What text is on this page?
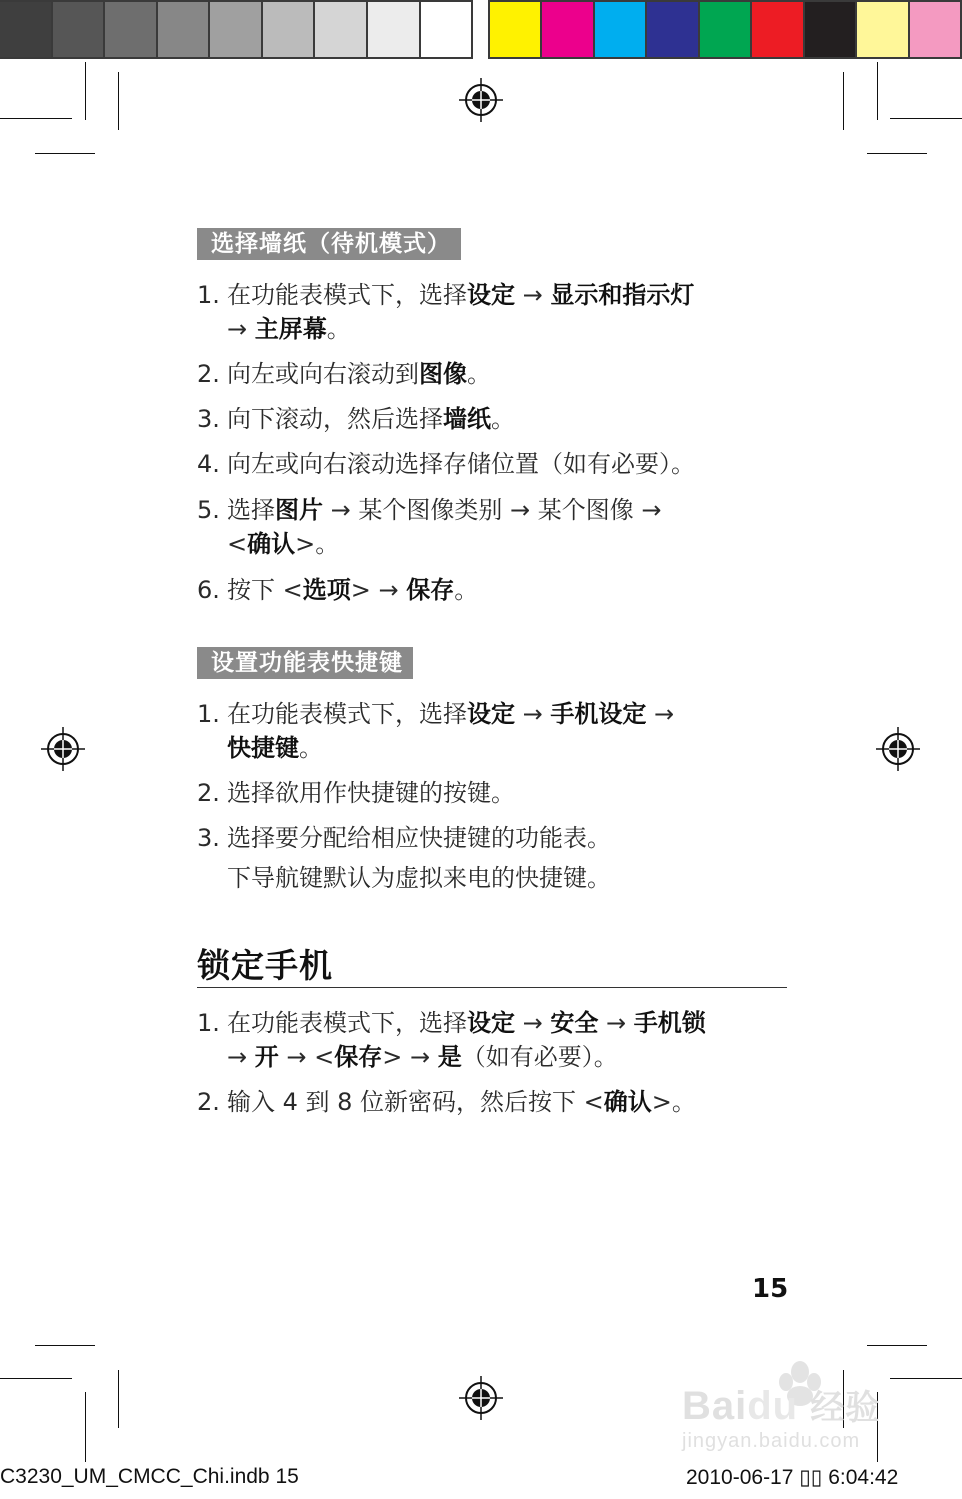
选择墙纸（待机模式）
1. 在功能表模式下，选择设定 → 显示和指示灯
→ 主屏幕。
2. 向左或向右滚动到图像。
3. 向下滚动，然后选择墙纸。
4. 向左或向右滚动选择存储位置（如有必要）。
5. 选择图片 → 某个图像类别 → 某个图像 →
<确认>。
6. 按下 <选项> → 保存。
设置功能表快捷键
1. 在功能表模式下，选择设定 → 手机设定 →
快捷键。
2. 选择欲用作快捷键的按键。
3. 选择要分配给相应快捷键的功能表。
下导航键默认为虚拟来电的快捷键。
锁定手机
1. 在功能表模式下，选择设定 → 安全 → 手机锁
→ 开 → <保存> → 是（如有必要）。
2. 输入 4 到 8 位新密码，然后按下 <确认>。
15
Baidu 经验
jingyan.baidu.com
C3230_UM_CMCC_Chi.indb 15	2010-06-17 ▯▯ 6:04:42
